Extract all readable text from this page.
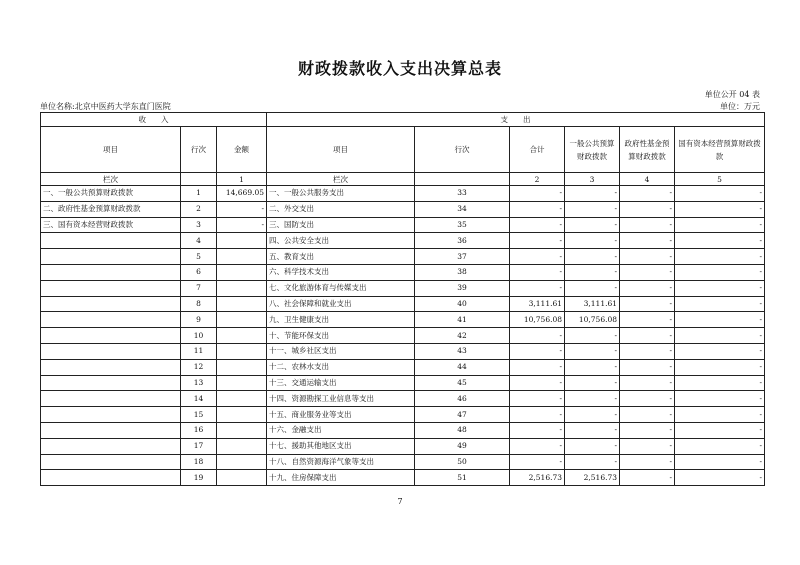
财政拨款收入支出决算总表
单位公开 04 表
单位名称:北京中医药大学东直门医院	单位：万元
收　　入			支　　出					
项目	行次	金额	项目	行次	合计	一般公共预算财政拨款	政府性基金预算财政拨款	国有资本经营预算财政拨款
栏次		1	栏次		2	3	4	5
一、一般公共预算财政拨款	1	14,669.05	一、一般公共服务支出	33	-	-	-	-
二、政府性基金预算财政拨款	2	-	二、外交支出	34	-	-	-	-
三、国有资本经营财政拨款	3	-	三、国防支出	35	-	-	-	-
	4		四、公共安全支出	36	-	-	-	-
	5		五、教育支出	37	-	-	-	-
	6		六、科学技术支出	38	-	-	-	-
	7		七、文化旅游体育与传媒支出	39	-	-	-	-
	8		八、社会保障和就业支出	40	3,111.61	3,111.61	-	-
	9		九、卫生健康支出	41	10,756.08	10,756.08	-	-
	10		十、节能环保支出	42	-	-	-	-
	11		十一、城乡社区支出	43	-	-	-	-
	12		十二、农林水支出	44	-	-	-	-
	13		十三、交通运输支出	45	-	-	-	-
	14		十四、资源勘探工业信息等支出	46	-	-	-	-
	15		十五、商业服务业等支出	47	-	-	-	-
	16		十六、金融支出	48	-	-	-	-
	17		十七、援助其他地区支出	49	-	-	-	-
	18		十八、自然资源海洋气象等支出	50	-	-	-	-
	19		十九、住房保障支出	51	2,516.73	2,516.73	-	-
7
